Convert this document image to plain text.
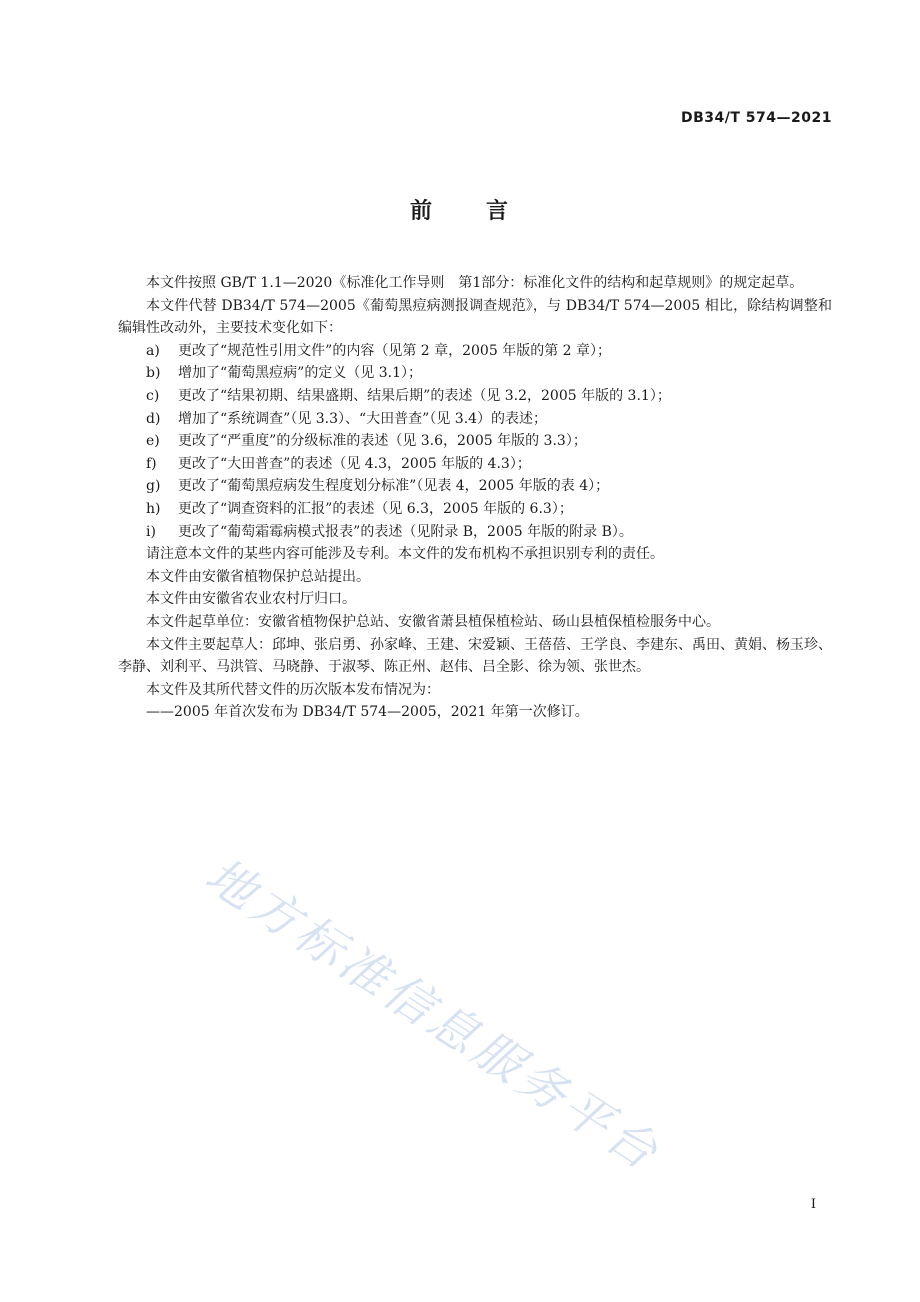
DB34/T 574—2021
前 言

本文件按照 GB/T 1.1—2020《标准化工作导则　第1部分：标准化文件的结构和起草规则》的规定起草。

本文件代替 DB34/T 574—2005《葡萄黑痘病测报调查规范》，与 DB34/T 574—2005 相比，除结构调整和编辑性改动外，主要技术变化如下：

a) 更改了“规范性引用文件”的内容（见第 2 章，2005 年版的第 2 章）；
b) 增加了“葡萄黑痘病”的定义（见 3.1）；
c) 更改了“结果初期、结果盛期、结果后期”的表述（见 3.2，2005 年版的 3.1）；
d) 增加了“系统调查”（见 3.3）、“大田普查”（见 3.4）的表述；
e) 更改了“严重度”的分级标准的表述（见 3.6，2005 年版的 3.3）；
f) 更改了“大田普查”的表述（见 4.3，2005 年版的 4.3）；
g) 更改了“葡萄黑痘病发生程度划分标准”（见表 4，2005 年版的表 4）；
h) 更改了“调查资料的汇报”的表述（见 6.3，2005 年版的 6.3）；
i) 更改了“葡萄霜霉病模式报表”的表述（见附录 B，2005 年版的附录 B）。

请注意本文件的某些内容可能涉及专利。本文件的发布机构不承担识别专利的责任。

本文件由安徽省植物保护总站提出。

本文件由安徽省农业农村厅归口。

本文件起草单位：安徽省植物保护总站、安徽省萧县植保植检站、砀山县植保植检服务中心。

本文件主要起草人：邱坤、张启勇、孙家峰、王建、宋爱颖、王蓓蓓、王学良、李建东、禹田、黄娟、杨玉珍、李静、刘利平、马洪管、马晓静、于淑琴、陈正州、赵伟、吕全影、徐为领、张世杰。

本文件及其所代替文件的历次版本发布情况为：

——2005 年首次发布为 DB34/T 574—2005，2021 年第一次修订。

地方标准信息服务平台
I
